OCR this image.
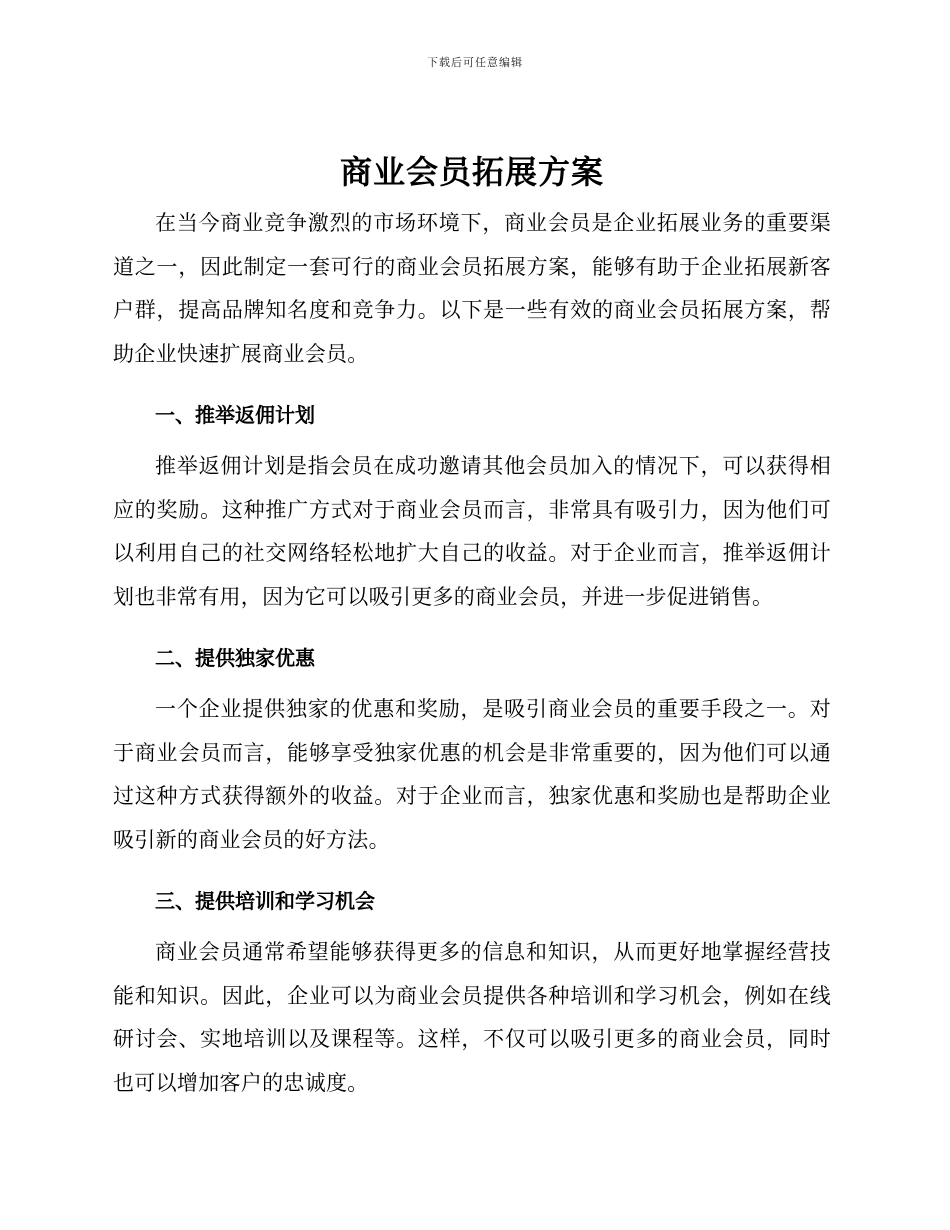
下载后可任意编辑
商业会员拓展方案

在当今商业竞争激烈的市场环境下，商业会员是企业拓展业务的重要渠道之一，因此制定一套可行的商业会员拓展方案，能够有助于企业拓展新客户群，提高品牌知名度和竞争力。以下是一些有效的商业会员拓展方案，帮助企业快速扩展商业会员。

一、推举返佣计划

推举返佣计划是指会员在成功邀请其他会员加入的情况下，可以获得相应的奖励。这种推广方式对于商业会员而言，非常具有吸引力，因为他们可以利用自己的社交网络轻松地扩大自己的收益。对于企业而言，推举返佣计划也非常有用，因为它可以吸引更多的商业会员，并进一步促进销售。

二、提供独家优惠

一个企业提供独家的优惠和奖励，是吸引商业会员的重要手段之一。对于商业会员而言，能够享受独家优惠的机会是非常重要的，因为他们可以通过这种方式获得额外的收益。对于企业而言，独家优惠和奖励也是帮助企业吸引新的商业会员的好方法。

三、提供培训和学习机会

商业会员通常希望能够获得更多的信息和知识，从而更好地掌握经营技能和知识。因此，企业可以为商业会员提供各种培训和学习机会，例如在线研讨会、实地培训以及课程等。这样，不仅可以吸引更多的商业会员，同时也可以增加客户的忠诚度。
